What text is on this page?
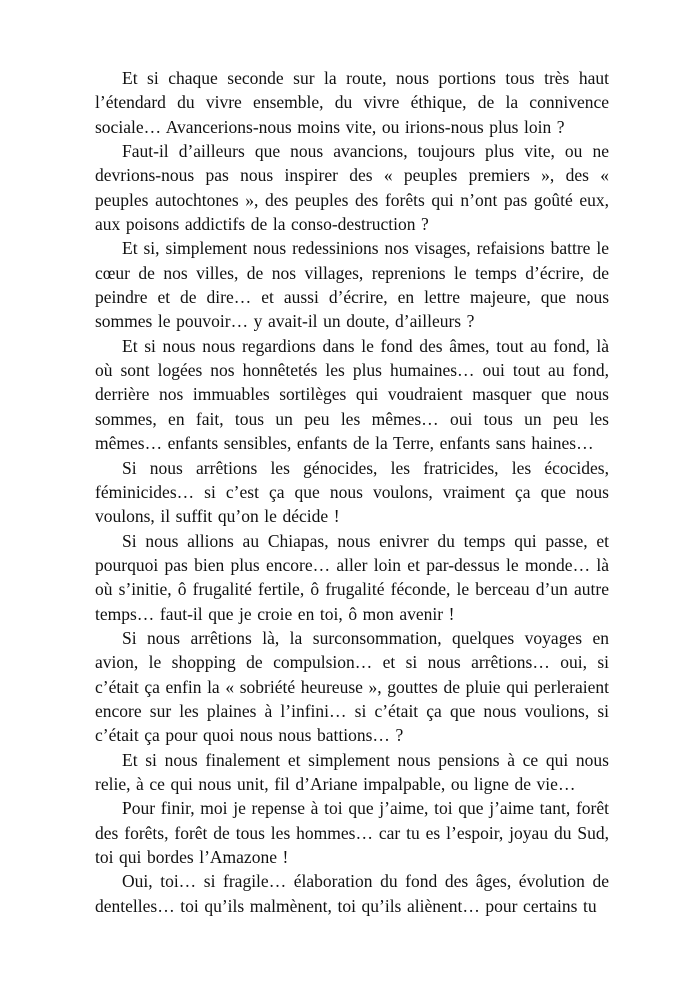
Et si chaque seconde sur la route, nous portions tous très haut l’étendard du vivre ensemble, du vivre éthique, de la connivence sociale… Avancerions-nous moins vite, ou irions-nous plus loin ?

Faut-il d’ailleurs que nous avancions, toujours plus vite, ou ne devrions-nous pas nous inspirer des « peuples premiers », des « peuples autochtones », des peuples des forêts qui n’ont pas goûté eux, aux poisons addictifs de la conso-destruction ?

Et si, simplement nous redessinions nos visages, refaisions battre le cœur de nos villes, de nos villages, reprenions le temps d’écrire, de peindre et de dire… et aussi d’écrire, en lettre majeure, que nous sommes le pouvoir… y avait-il un doute, d’ailleurs ?

Et si nous nous regardions dans le fond des âmes, tout au fond, là où sont logées nos honnêtetés les plus humaines… oui tout au fond, derrière nos immuables sortilèges qui voudraient masquer que nous sommes, en fait, tous un peu les mêmes… oui tous un peu les mêmes… enfants sensibles, enfants de la Terre, enfants sans haines…

Si nous arrêtions les génocides, les fratricides, les écocides, féminicides… si c’est ça que nous voulons, vraiment ça que nous voulons, il suffit qu’on le décide !

Si nous allions au Chiapas, nous enivrer du temps qui passe, et pourquoi pas bien plus encore… aller loin et par-dessus le monde… là où s’initie, ô frugalité fertile, ô frugalité féconde, le berceau d’un autre temps… faut-il que je croie en toi, ô mon avenir !

Si nous arrêtions là, la surconsommation, quelques voyages en avion, le shopping de compulsion… et si nous arrêtions… oui, si c’était ça enfin la « sobriété heureuse », gouttes de pluie qui perleraient encore sur les plaines à l’infini… si c’était ça que nous voulions, si c’était ça pour quoi nous nous battions… ?

Et si nous finalement et simplement nous pensions à ce qui nous relie, à ce qui nous unit, fil d’Ariane impalpable, ou ligne de vie…

Pour finir, moi je repense à toi que j’aime, toi que j’aime tant, forêt des forêts, forêt de tous les hommes… car tu es l’espoir, joyau du Sud, toi qui bordes l’Amazone !

Oui, toi… si fragile… élaboration du fond des âges, évolution de dentelles… toi qu’ils malmènent, toi qu’ils aliènent… pour certains tu
